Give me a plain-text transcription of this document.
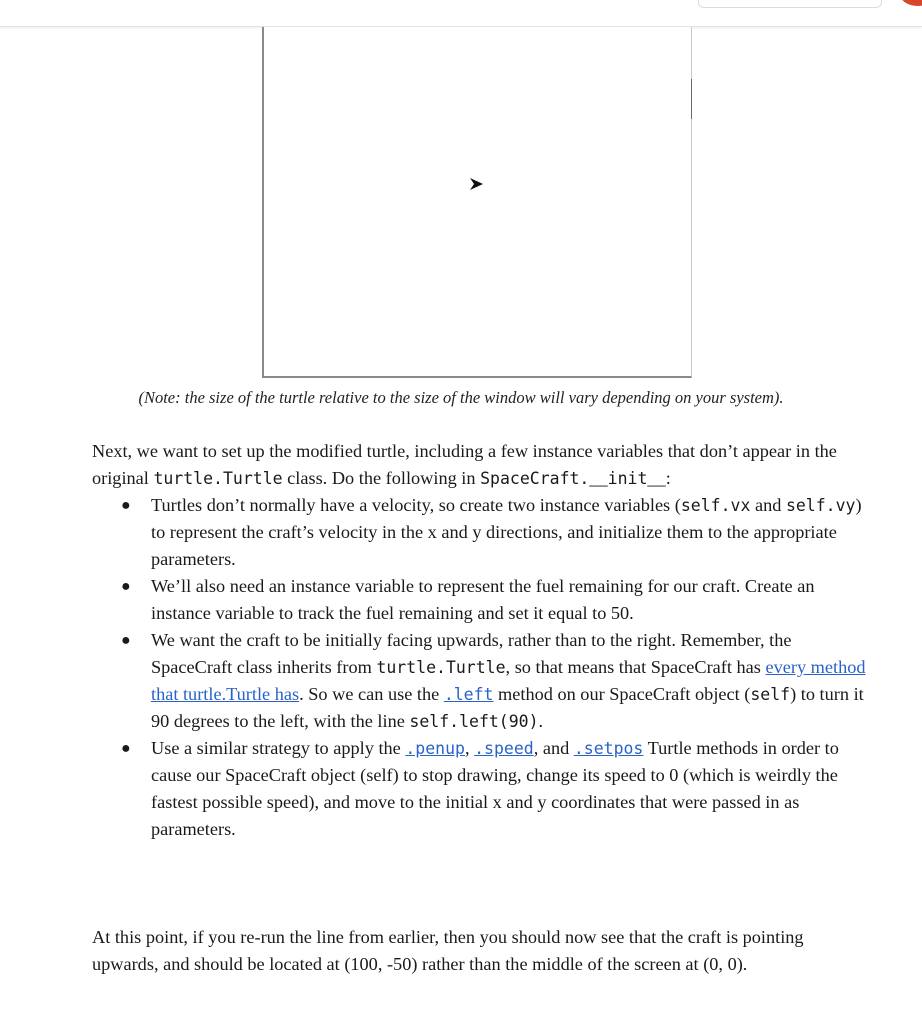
(Note: the size of the turtle relative to the size of the window will vary depending on your system).

Next, we want to set up the modified turtle, including a few instance variables that don’t appear in the original turtle.Turtle class. Do the following in SpaceCraft.__init__:

● Turtles don’t normally have a velocity, so create two instance variables (self.vx and self.vy) to represent the craft’s velocity in the x and y directions, and initialize them to the appropriate parameters.
● We’ll also need an instance variable to represent the fuel remaining for our craft. Create an instance variable to track the fuel remaining and set it equal to 50.
● We want the craft to be initially facing upwards, rather than to the right. Remember, the SpaceCraft class inherits from turtle.Turtle, so that means that SpaceCraft has every method that turtle.Turtle has. So we can use the .left method on our SpaceCraft object (self) to turn it 90 degrees to the left, with the line self.left(90).
● Use a similar strategy to apply the .penup, .speed, and .setpos Turtle methods in order to cause our SpaceCraft object (self) to stop drawing, change its speed to 0 (which is weirdly the fastest possible speed), and move to the initial x and y coordinates that were passed in as parameters.

At this point, if you re-run the line from earlier, then you should now see that the craft is pointing upwards, and should be located at (100, -50) rather than the middle of the screen at (0, 0).
